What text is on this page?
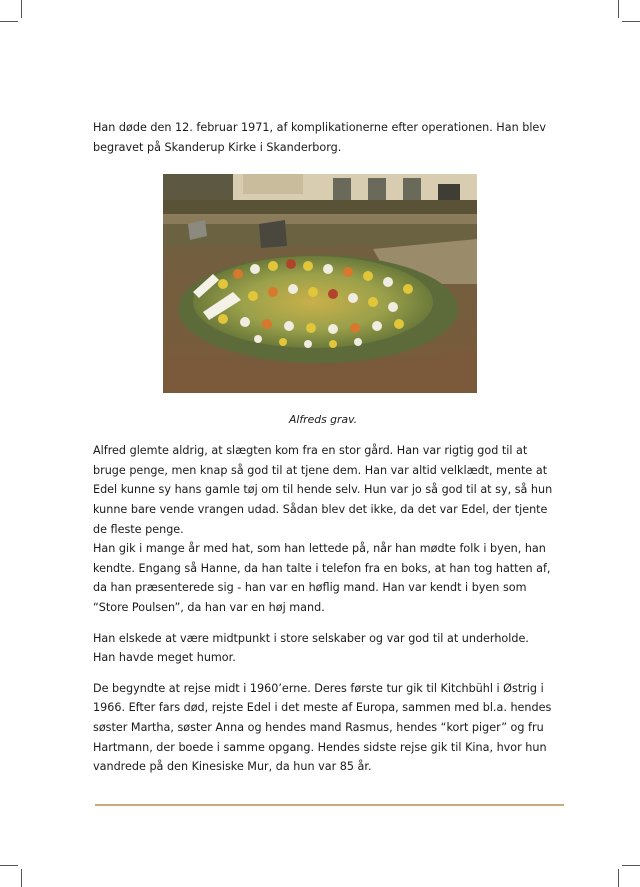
Han døde den 12. februar 1971, af komplikationerne efter operationen. Han blev begravet på Skanderup Kirke i Skanderborg.

Alfreds grav.

Alfred glemte aldrig, at slægten kom fra en stor gård. Han var rigtig god til at bruge penge, men knap så god til at tjene dem. Han var altid velklædt, mente at Edel kunne sy hans gamle tøj om til hende selv. Hun var jo så god til at sy, så hun kunne bare vende vrangen udad. Sådan blev det ikke, da det var Edel, der tjente de fleste penge.

Han gik i mange år med hat, som han lettede på, når han mødte folk i byen, han kendte. Engang så Hanne, da han talte i telefon fra en boks, at han tog hatten af, da han præsenterede sig - han var en høflig mand. Han var kendt i byen som “Store Poulsen”, da han var en høj mand.

Han elskede at være midtpunkt i store selskaber og var god til at underholde. Han havde meget humor.

De begyndte at rejse midt i 1960’erne. Deres første tur gik til Kitchbühl i Østrig i 1966. Efter fars død, rejste Edel i det meste af Europa, sammen med bl.a. hendes søster Martha, søster Anna og hendes mand Rasmus, hendes “kort piger” og fru Hartmann, der boede i samme opgang. Hendes sidste rejse gik til Kina, hvor hun vandrede på den Kinesiske Mur, da hun var 85 år.
